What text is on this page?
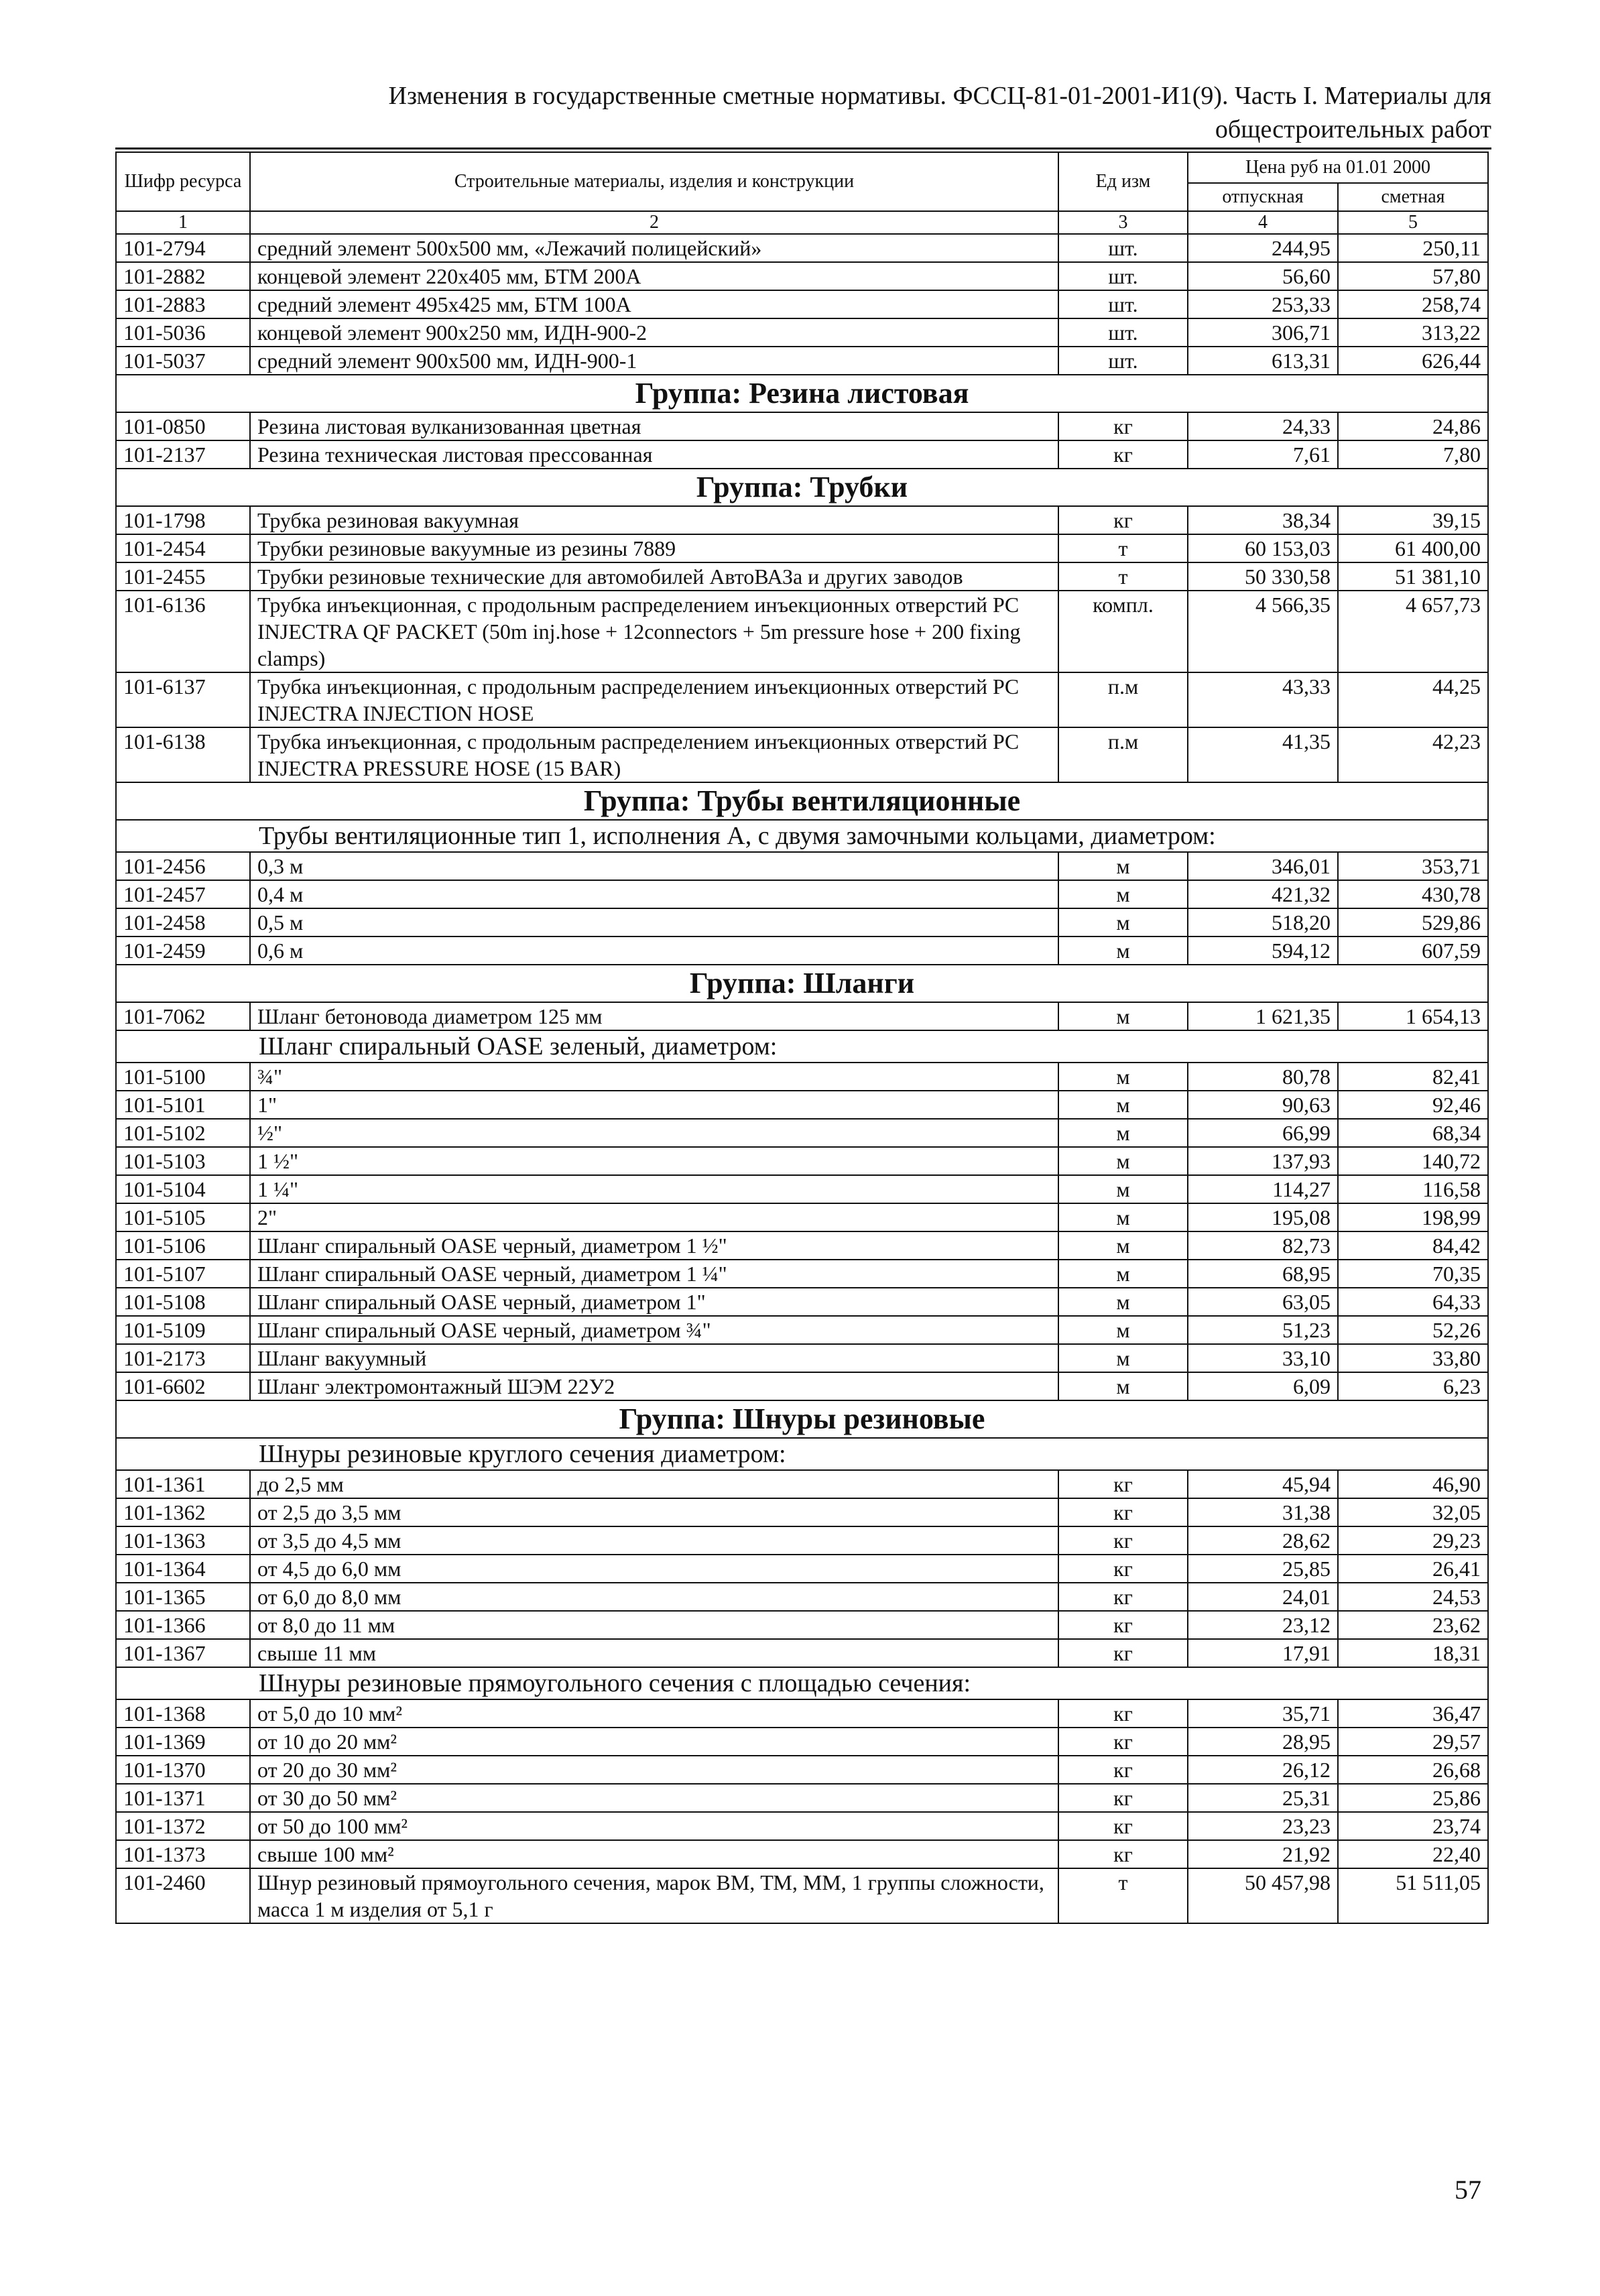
Изменения в государственные сметные нормативы. ФССЦ-81-01-2001-И1(9). Часть I. Материалы для
общестроительных работ
Шифр ресурса	Строительные материалы, изделия и конструкции	Ед изм	Цена руб на 01.01 2000	
			отпускная	сметная
1	2	3	4	5
101-2794	средний элемент 500х500 мм, «Лежачий полицейский»	шт.	244,95	250,11
101-2882	концевой элемент 220х405 мм, БТМ 200А	шт.	56,60	57,80
101-2883	средний элемент 495х425 мм, БТМ 100А	шт.	253,33	258,74
101-5036	концевой элемент 900х250 мм, ИДН-900-2	шт.	306,71	313,22
101-5037	средний элемент 900х500 мм, ИДН-900-1	шт.	613,31	626,44
Группа: Резина листовая				
101-0850	Резина листовая вулканизованная цветная	кг	24,33	24,86
101-2137	Резина техническая листовая прессованная	кг	7,61	7,80
Группа: Трубки				
101-1798	Трубка резиновая вакуумная	кг	38,34	39,15
101-2454	Трубки резиновые вакуумные из резины 7889	т	60 153,03	61 400,00
101-2455	Трубки резиновые технические для автомобилей АвтоВАЗа и других заводов	т	50 330,58	51 381,10
101-6136	Трубка инъекционная, с продольным распределением инъекционных отверстий PC INJECTRA QF PACKET (50m inj.hose + 12connectors + 5m pressure hose + 200 fixing clamps)	компл.	4 566,35	4 657,73
101-6137	Трубка инъекционная, с продольным распределением инъекционных отверстий PC INJECTRA INJECTION HOSE	п.м	43,33	44,25
101-6138	Трубка инъекционная, с продольным распределением инъекционных отверстий PC INJECTRA PRESSURE HOSE (15 BAR)	п.м	41,35	42,23
Группа: Трубы вентиляционные				
Трубы вентиляционные тип 1, исполнения А, с двумя замочными кольцами, диаметром:				
101-2456	0,3 м	м	346,01	353,71
101-2457	0,4 м	м	421,32	430,78
101-2458	0,5 м	м	518,20	529,86
101-2459	0,6 м	м	594,12	607,59
Группа: Шланги				
101-7062	Шланг бетоновода диаметром 125 мм	м	1 621,35	1 654,13
Шланг спиральный OASE зеленый, диаметром:				
101-5100	¾"	м	80,78	82,41
101-5101	1"	м	90,63	92,46
101-5102	½"	м	66,99	68,34
101-5103	1 ½"	м	137,93	140,72
101-5104	1 ¼"	м	114,27	116,58
101-5105	2"	м	195,08	198,99
101-5106	Шланг спиральный OASE черный, диаметром 1 ½"	м	82,73	84,42
101-5107	Шланг спиральный OASE черный, диаметром 1 ¼"	м	68,95	70,35
101-5108	Шланг спиральный OASE черный, диаметром 1"	м	63,05	64,33
101-5109	Шланг спиральный OASE черный, диаметром ¾"	м	51,23	52,26
101-2173	Шланг вакуумный	м	33,10	33,80
101-6602	Шланг электромонтажный ШЭМ 22У2	м	6,09	6,23
Группа: Шнуры резиновые				
Шнуры резиновые круглого сечения диаметром:				
101-1361	до 2,5 мм	кг	45,94	46,90
101-1362	от 2,5 до 3,5 мм	кг	31,38	32,05
101-1363	от 3,5 до 4,5 мм	кг	28,62	29,23
101-1364	от 4,5 до 6,0 мм	кг	25,85	26,41
101-1365	от 6,0 до 8,0 мм	кг	24,01	24,53
101-1366	от 8,0 до 11 мм	кг	23,12	23,62
101-1367	свыше 11 мм	кг	17,91	18,31
Шнуры резиновые прямоугольного сечения с площадью сечения:				
101-1368	от 5,0 до 10 мм²	кг	35,71	36,47
101-1369	от 10 до 20 мм²	кг	28,95	29,57
101-1370	от 20 до 30 мм²	кг	26,12	26,68
101-1371	от 30 до 50 мм²	кг	25,31	25,86
101-1372	от 50 до 100 мм²	кг	23,23	23,74
101-1373	свыше 100 мм²	кг	21,92	22,40
101-2460	Шнур резиновый прямоугольного сечения, марок ВМ, ТМ, ММ, 1 группы сложности, масса 1 м изделия от 5,1 г	т	50 457,98	51 511,05
57
